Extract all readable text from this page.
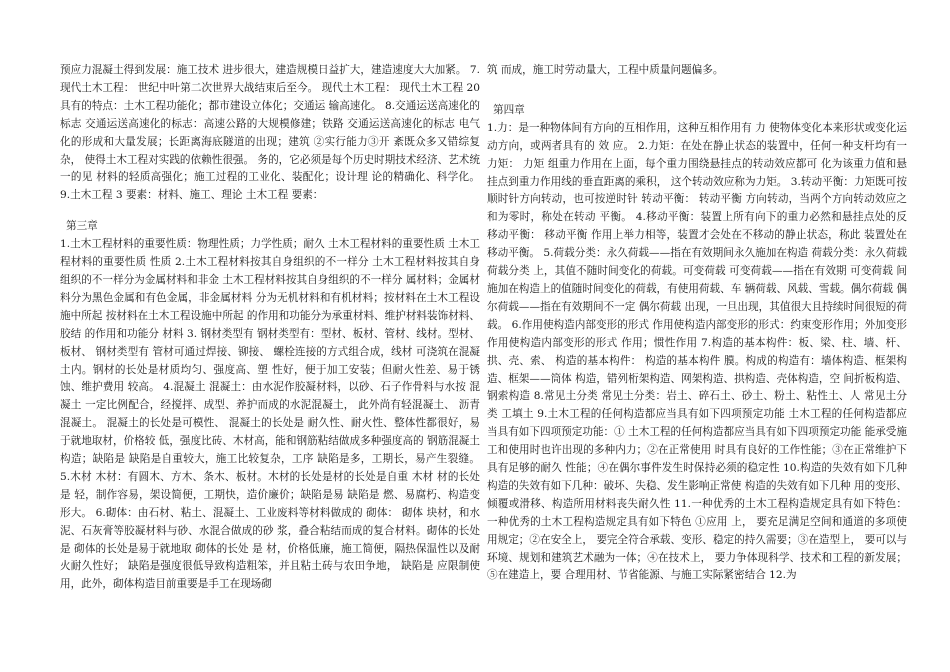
预应力混凝土得到发展：施工技术 进步很大，建造规模日益扩大，建造速度大大加紧。 7.现代土木工程： 世纪中叶第二次世界大战结束后至今。 现代土木工程： 现代土木工程 20 具有的特点：土木工程功能化；都市建设立体化；交通运 输高速化。 8.交通运送高速化的标志 交通运送高速化的标志：高速公路的大规模修建；铁路 交通运送高速化的标志 电气化的形成和大量发展；长距离海底隧道的出现；建筑 ②实行能力③开 紊既众多又错综复杂， 使得土木工程对实践的依赖性很强。 务的，它必须是每个历史时期技术经济、艺术统一的见 材料的轻质高强化；施工过程的工业化、装配化；设计理 论的精确化、科学化。 9.土木工程 3 要素：材料、施工、理论 土木工程 要素：

第三章

1.土木工程材料的重要性质：物理性质；力学性质；耐久 土木工程材料的重要性质 土木工程材料的重要性质 性质 2.土木工程材料按其自身组织的不一样分 土木工程材料按其自身组织的不一样分为金属材料和非金 土木工程材料按其自身组织的不一样分 属材料；金属材料分为黑色金属和有色金属，非金属材料 分为无机材料和有机材料；按材料在土木工程设施中所起 按材料在土木工程设施中所起 的作用和功能分为承重材料、维护材料装饰材料、胶结 的作用和功能分 材料 3. 钢材类型有 钢材类型有：型材、板材、管材、线材。型材、板材、 钢材类型有 管材可通过焊接、铆接、 螺栓连接的方式组合成，线材 可浇筑在混凝土内。钢材的长处是材质均匀、强度高、塑 性好，便于加工安装；但耐火性差、易于锈蚀、维护费用 较高。 4.混凝土 混凝土：由水泥作胶凝材料，以砂、石子作骨料与水按 混凝土 一定比例配合，经搅拌、成型、养护而成的水泥混凝土， 此外尚有轻混凝土、 沥青混凝土。 混凝土的长处是可模性、 混凝土的长处是 耐久性、耐火性、整体性都很好，易于就地取材，价格较 低，强度比砖、木材高，能和钢筋粘结做成多种强度高的 钢筋混凝土构造；缺陷是 缺陷是自重较大，施工比较复杂，工序 缺陷是多，工期长，易产生裂缝。 5.木材 木材：有圆木、方木、条木、板材。木材的长处是材的长处是自重 木材 材的长处是 轻，制作容易，架设简便，工期快，造价廉价；缺陷是易 缺陷是 燃、易腐朽、构造变形大。 6.砌体：由石材、粘土、混凝土、工业废料等材料做成的 砌体： 砌体 块材，和水泥、石灰膏等胶凝材料与砂、水混合做成的砂 浆，叠合粘结而成的复合材料。砌体的长处是 砌体的长处是易于就地取 砌体的长处 是 材，价格低廉，施工简便，隔热保温性以及耐火耐久性好； 缺陷是强度很低导致构造粗笨，并且粘土砖与农田争地， 缺陷是 应限制使用，此外，砌体构造目前重要是手工在现场砌

筑 而成，施工时劳动量大，工程中质量问题偏多。

第四章

1.力：是一种物体间有方向的互相作用，这种互相作用有 力 使物体变化本来形状或变化运动方向，或两者具有的 效 应。 2.力矩：在处在静止状态的装置中，任何一种支杆均有一 力矩： 力矩 组重力作用在上面，每个重力围绕悬挂点的转动效应都可 化为该重力值和悬挂点到重力作用线的垂直距离的乘积， 这个转动效应称为力矩。 3.转动平衡：力矩既可按顺时针方向转动，也可按逆时针 转动平衡： 转动平衡 方向转动，当两个方向转动效应之和为零时，称处在转动 平衡。 4.移动平衡：装置上所有向下的重力必然和悬挂点处的反 移动平衡： 移动平衡 作用上举力相等，装置才会处在不移动的静止状态，称此 装置处在移动平衡。 5.荷载分类：永久荷载——指在有效期间永久施加在构造 荷载分类：永久荷载 荷载分类 上，其值不随时间变化的荷载。可变荷载 可变荷载——指在有效期 可变荷载 间施加在构造上的值随时间变化的荷载，有使用荷载、车 辆荷载、风载、雪载。偶尔荷载 偶尔荷载——指在有效期间不一定 偶尔荷载 出现，一旦出现，其值很大且持续时间很短的荷载。 6.作用使构造内部变形的形式 作用使构造内部变形的形式：约束变形作用；外加变形 作用使构造内部变形的形式 作用；惯性作用 7.构造的基本构件：板、梁、柱、墙、杆、拱、壳、索、 构造的基本构件： 构造的基本构件 膜。构成的构造有：墙体构造、框架构造、框架——筒体 构造，错列桁架构造、网架构造、拱构造、壳体构造，空 间折板构造、钢索构造 8.常见土分类 常见土分类：岩土、碎石土、砂土、粉土、粘性土、人 常见土分类 工填土 9.土木工程的任何构造都应当具有如下四项预定功能 土木工程的任何构造都应当具有如下四项预定功能：① 土木工程的任何构造都应当具有如下四项预定功能 能承受施工和使用时也许出现的多种内力；②在正常使用 时具有良好的工作性能；③在正常维护下具有足够的耐久 性能；④在偶尔事件发生时保持必须的稳定性 10.构造的失效有如下几种 构造的失效有如下几种：破坏、失稳、发生影响正常使 构造的失效有如下几种 用的变形、倾覆或滑移、构造所用材料丧失耐久性 11.一种优秀的土木工程构造规定具有如下特色： 一种优秀的土木工程构造规定具有如下特色 ①应用 上， 要充足满足空间和通道的多项使用规定；②在安全上， 要完全符合承载、变形、稳定的持久需要；③在造型上， 要可以与环境、规划和建筑艺术融为一体；④在技术上， 要力争体现科学、技术和工程的新发展；⑤在建造上，要 合理用材、节省能源、与施工实际紧密结合 12.为
